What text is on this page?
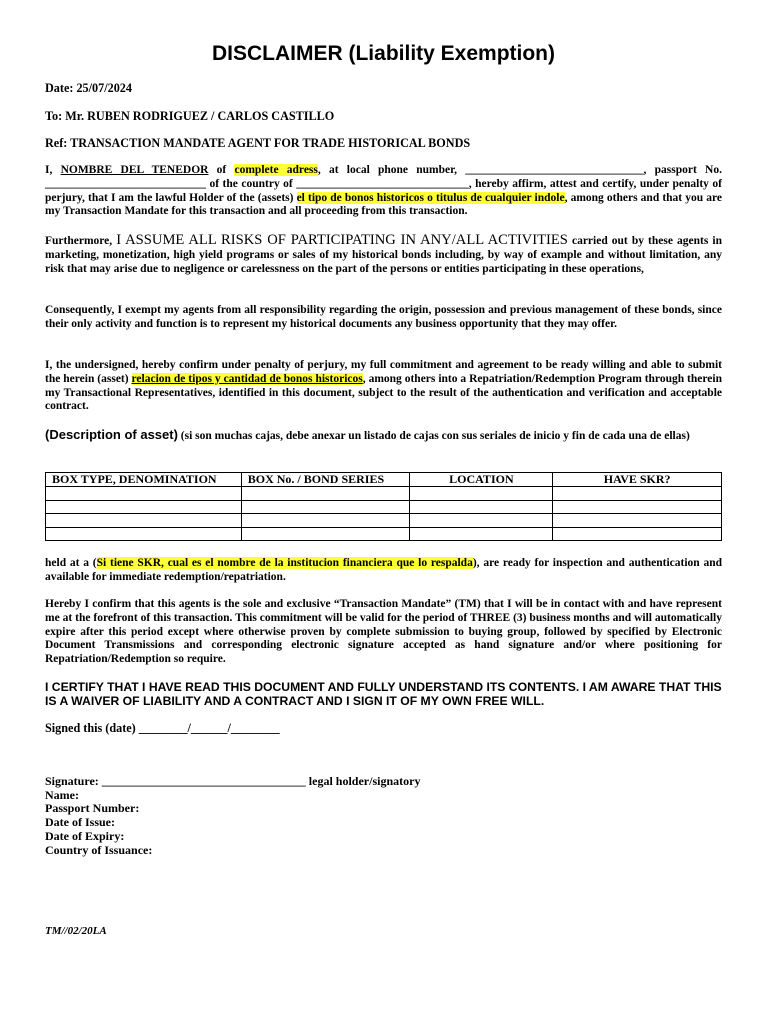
DISCLAIMER (Liability Exemption)

Date: 25/07/2024

To: Mr. RUBEN RODRIGUEZ / CARLOS CASTILLO

Ref: TRANSACTION MANDATE AGENT FOR TRADE HISTORICAL BONDS

I, NOMBRE DEL TENEDOR of complete adress, at local phone number, _______________________________, passport No. ____________________________ of the country of ______________________________, hereby affirm, attest and certify, under penalty of perjury, that I am the lawful Holder of the (assets) el tipo de bonos historicos o titulus de cualquier indole, among others and that you are my Transaction Mandate for this transaction and all proceeding from this transaction.

Furthermore, I ASSUME ALL RISKS OF PARTICIPATING IN ANY/ALL ACTIVITIES carried out by these agents in marketing, monetization, high yield programs or sales of my historical bonds including, by way of example and without limitation, any risk that may arise due to negligence or carelessness on the part of the persons or entities participating in these operations,

Consequently, I exempt my agents from all responsibility regarding the origin, possession and previous management of these bonds, since their only activity and function is to represent my historical documents any business opportunity that they may offer.

I, the undersigned, hereby confirm under penalty of perjury, my full commitment and agreement to be ready willing and able to submit the herein (asset) relacion de tipos y cantidad de bonos historicos, among others into a Repatriation/Redemption Program through therein my Transactional Representatives, identified in this document, subject to the result of the authentication and verification and acceptable contract.

(Description of asset) (si son muchas cajas, debe anexar un listado de cajas con sus seriales de inicio y fin de cada una de ellas)

BOX TYPE, DENOMINATION	BOX No. / BOND SERIES	LOCATION	HAVE SKR?

held at a (Si tiene SKR, cual es el nombre de la institucion financiera que lo respalda), are ready for inspection and authentication and available for immediate redemption/repatriation.

Hereby I confirm that this agents is the sole and exclusive “Transaction Mandate” (TM) that I will be in contact with and have represent me at the forefront of this transaction. This commitment will be valid for the period of THREE (3) business months and will automatically expire after this period except where otherwise proven by complete submission to buying group, followed by specified by Electronic Document Transmissions and corresponding electronic signature accepted as hand signature and/or where positioning for Repatriation/Redemption so require.

I CERTIFY THAT I HAVE READ THIS DOCUMENT AND FULLY UNDERSTAND ITS CONTENTS. I AM AWARE THAT THIS IS A WAIVER OF LIABILITY AND A CONTRACT AND I SIGN IT OF MY OWN FREE WILL.

Signed this (date) ________/______/________

Signature: __________________________________ legal holder/signatory
Name:
Passport Number:
Date of Issue:
Date of Expiry:
Country of Issuance:
TM//02/20LA
